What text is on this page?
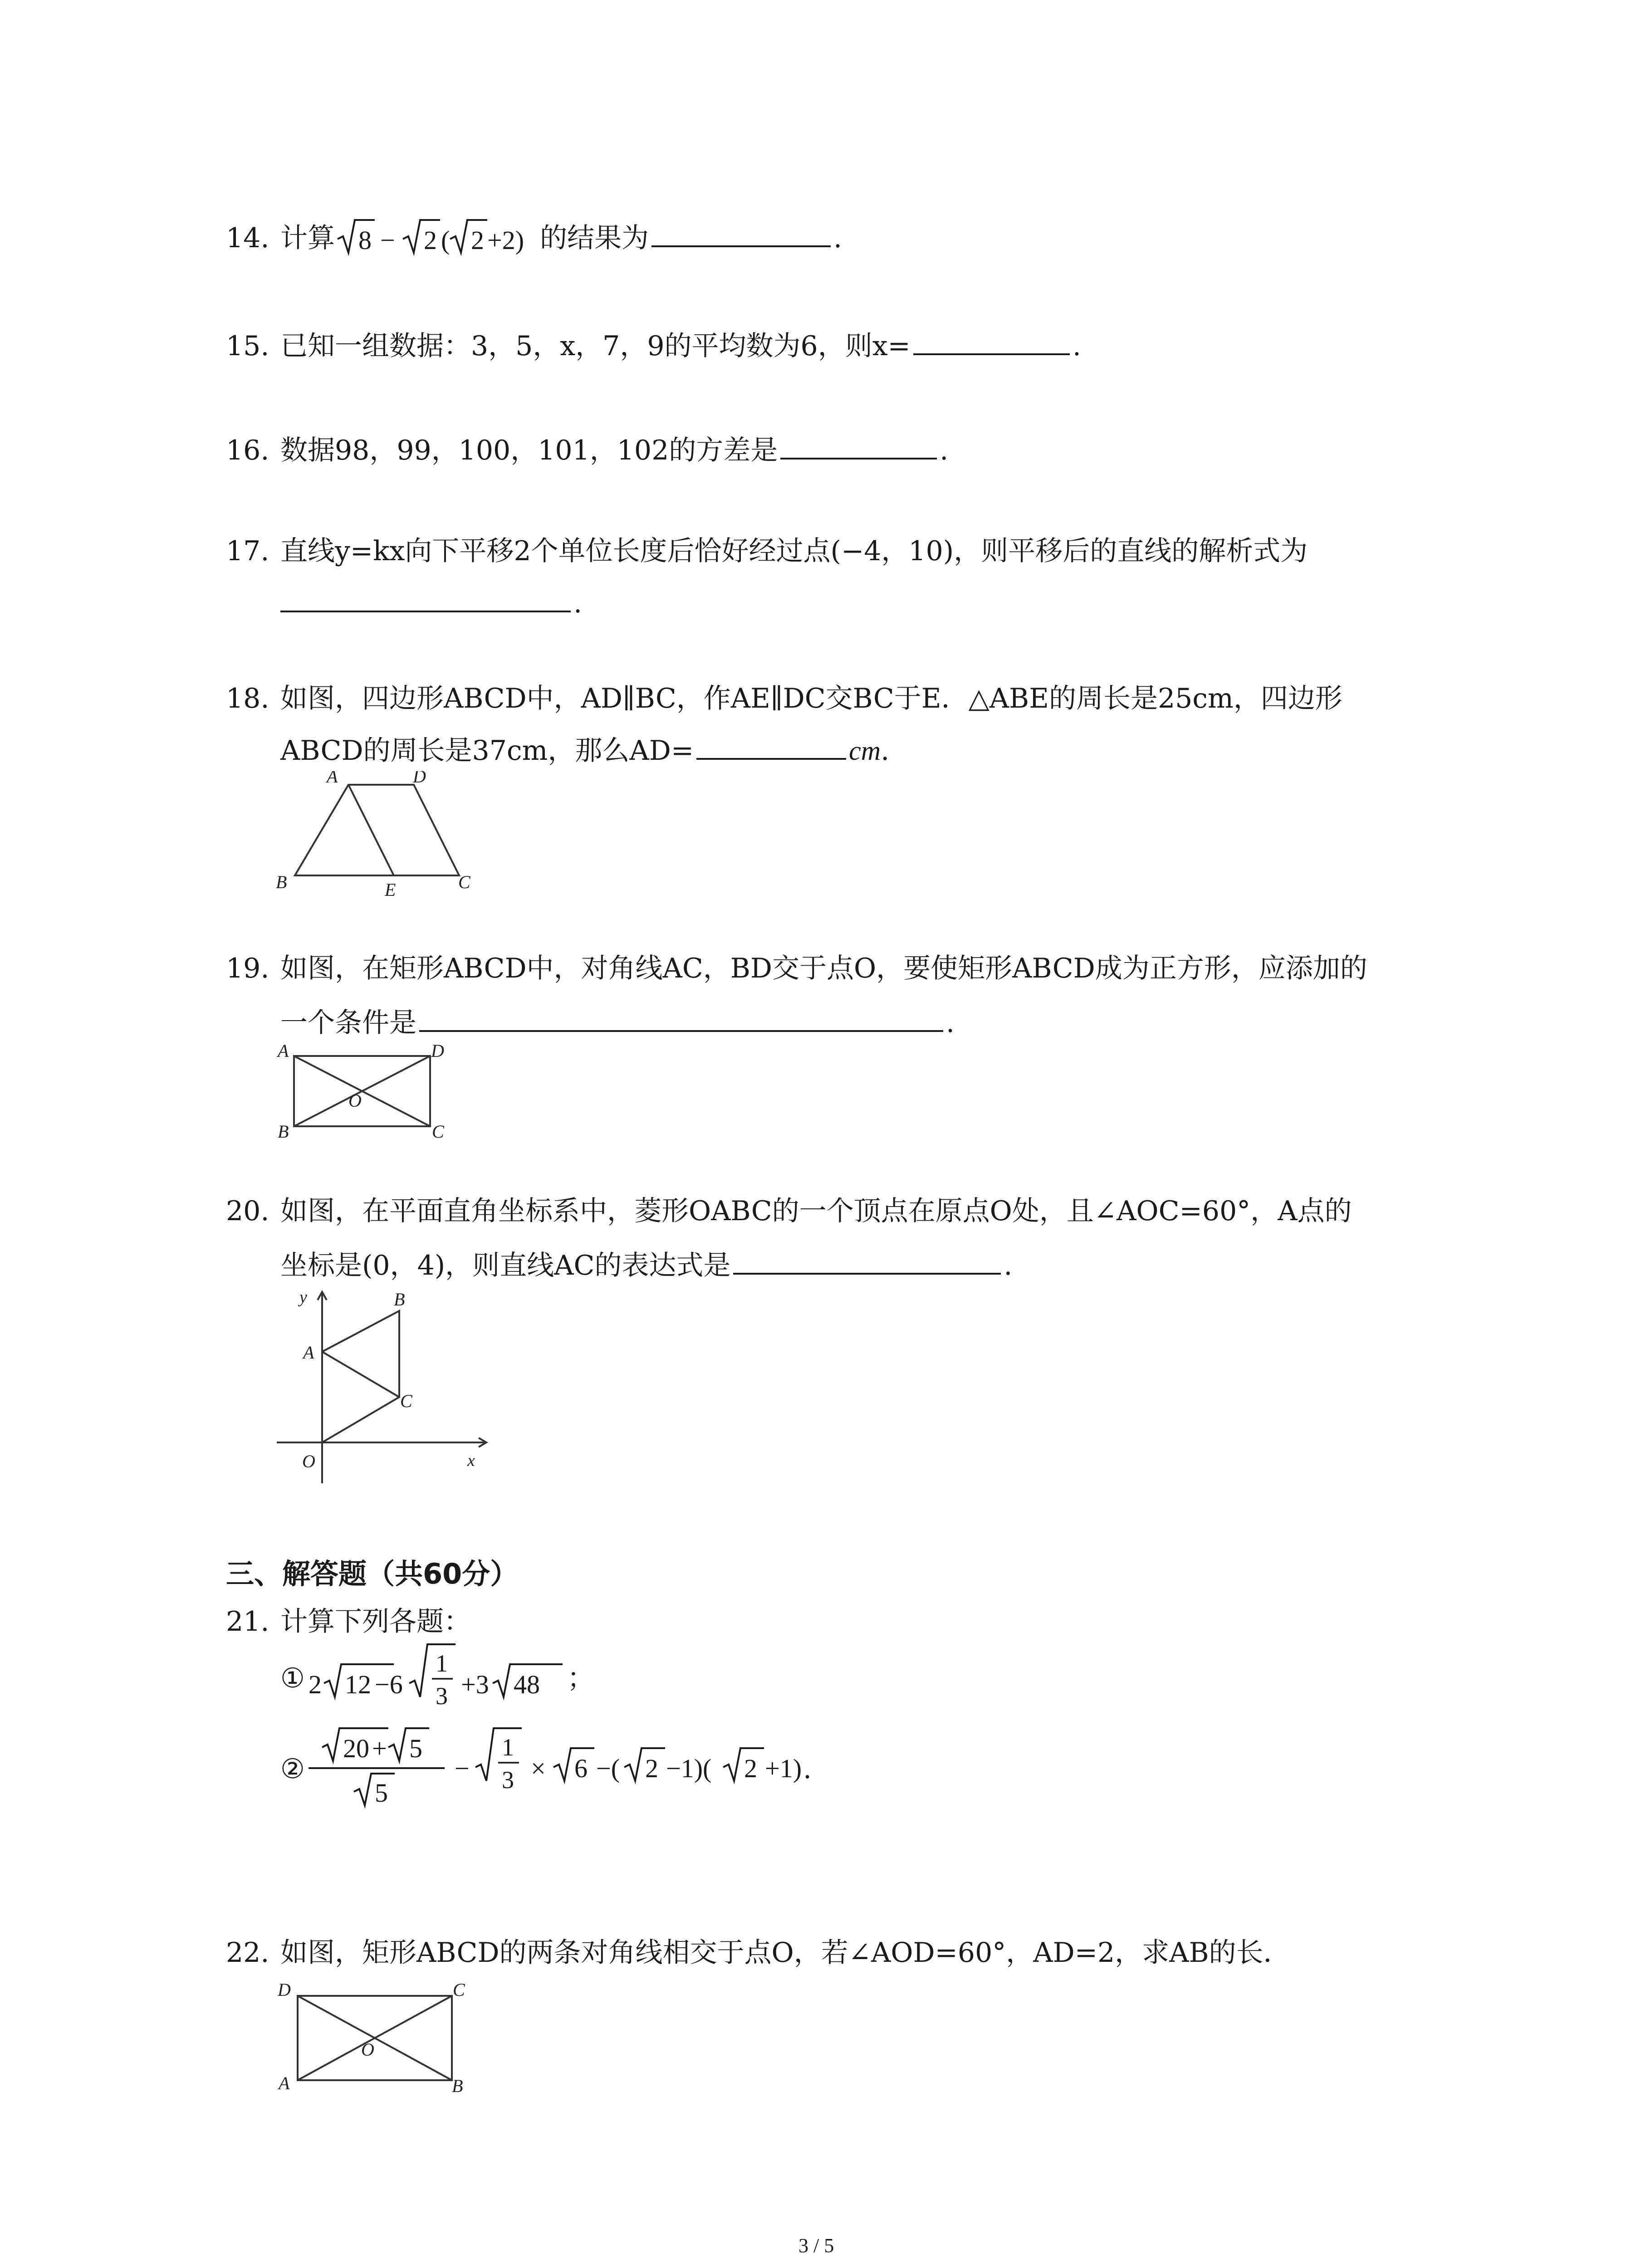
14. 计算 8 − 2 ( 2 +2) 的结果为	.
15. 已知一组数据：3，5，x，7，9的平均数为6，则x=	.
16. 数据98，99，100，101，102的方差是	.
17. 直线y=kx向下平移2个单位长度后恰好经过点(−4，10)，则平移后的直线的解析式为
.
18. 如图，四边形ABCD中，AD∥BC，作AE∥DC交BC于E．△ABE的周长是25cm，四边形
ABCD的周长是37cm，那么AD=	cm.
A	D
B	E	C
19. 如图，在矩形ABCD中，对角线AC，BD交于点O，要使矩形ABCD成为正方形，应添加的
一个条件是	.
A	D
B	C
O
20. 如图，在平面直角坐标系中，菱形OABC的一个顶点在原点O处，且∠AOC=60°，A点的
坐标是(0，4)，则直线AC的表达式是	.
y
x
A
B
C
O
三、解答题（共60分）
21. 计算下列各题：
① 2 12 −6
1
3 +3 48 ；
②
20 + 5
5
−
1
3 × 6 −( 2 −1)( 2 +1) .
22. 如图，矩形ABCD的两条对角线相交于点O，若∠AOD=60°，AD=2，求AB的长．
D	C
A	B
O
3 / 5
